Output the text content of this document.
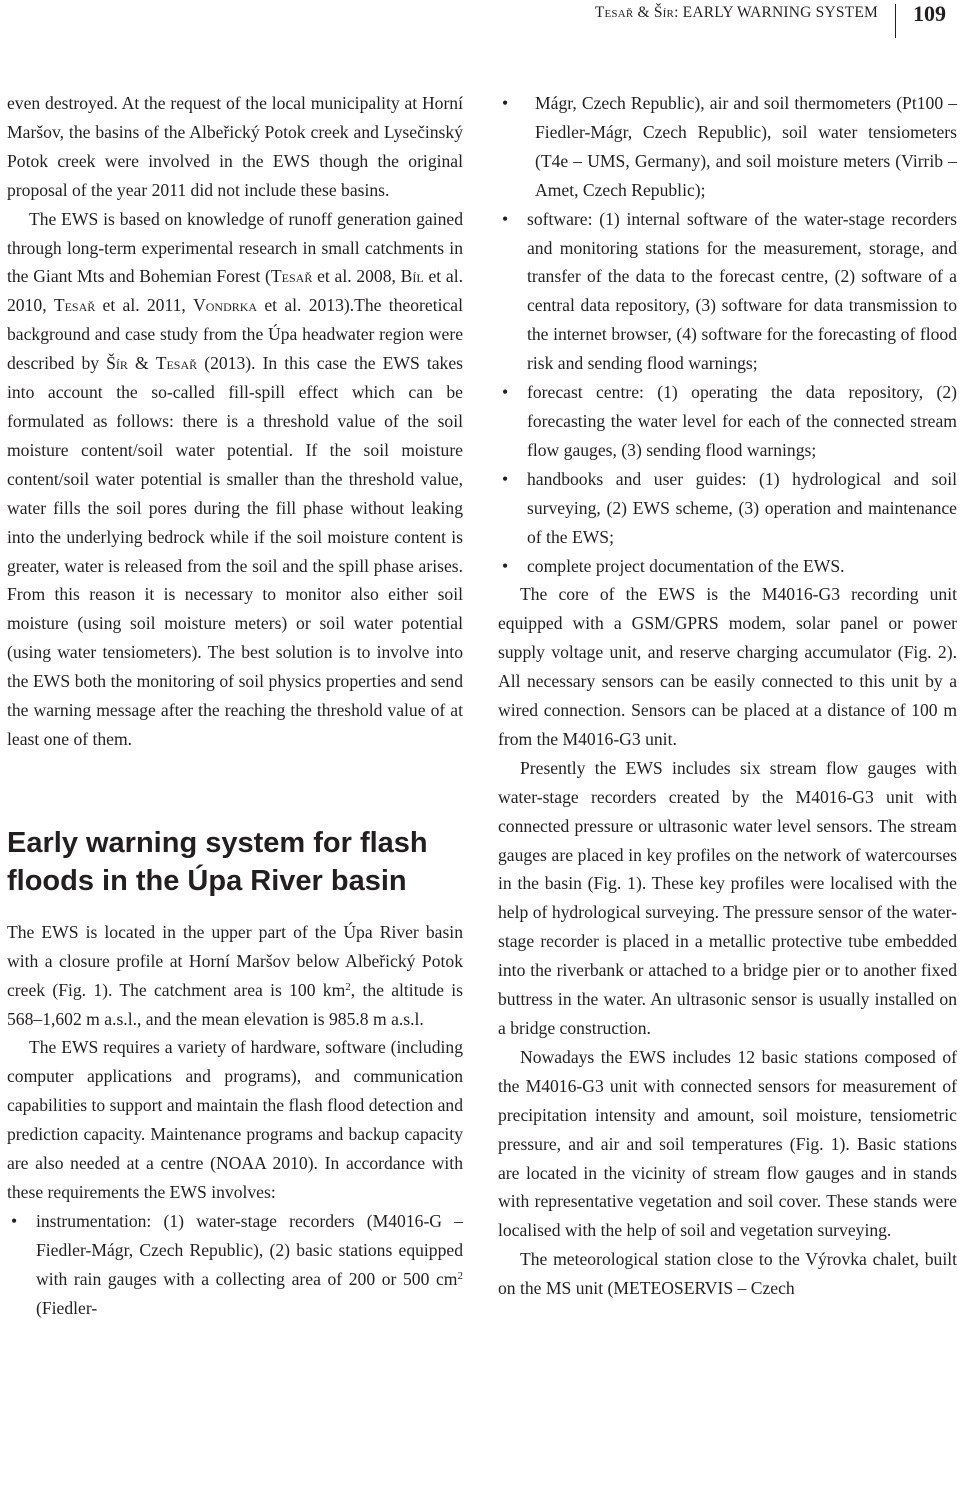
Tesař & Šír: EARLY WARNING SYSTEM 109

even destroyed. At the request of the local municipality at Horní Maršov, the basins of the Albeřický Potok creek and Lysečinský Potok creek were involved in the EWS though the original proposal of the year 2011 did not include these basins.

The EWS is based on knowledge of runoff generation gained through long-term experimental research in small catchments in the Giant Mts and Bohemian Forest (Tesař et al. 2008, Bíl et al. 2010, Tesař et al. 2011, Vondrka et al. 2013).The theoretical background and case study from the Úpa headwater region were described by Šír & Tesař (2013). In this case the EWS takes into account the so-called fill-spill effect which can be formulated as follows: there is a threshold value of the soil moisture content/soil water potential. If the soil moisture content/soil water potential is smaller than the threshold value, water fills the soil pores during the fill phase without leaking into the underlying bedrock while if the soil moisture content is greater, water is released from the soil and the spill phase arises. From this reason it is necessary to monitor also either soil moisture (using soil moisture meters) or soil water potential (using water tensiometers). The best solution is to involve into the EWS both the monitoring of soil physics properties and send the warning message after the reaching the threshold value of at least one of them.

Early warning system for flash floods in the Úpa River basin

The EWS is located in the upper part of the Úpa River basin with a closure profile at Horní Maršov below Albeřický Potok creek (Fig. 1). The catchment area is 100 $km^2$, the altitude is 568–1,602 m a.s.l., and the mean elevation is 985.8 m a.s.l.

The EWS requires a variety of hardware, software (including computer applications and programs), and communication capabilities to support and maintain the flash flood detection and prediction capacity. Maintenance programs and backup capacity are also needed at a centre (NOAA 2010). In accordance with these requirements the EWS involves:

• instrumentation: (1) water-stage recorders (M4016-G – Fiedler-Mágr, Czech Republic), (2) basic stations equipped with rain gauges with a collecting area of 200 or 500 $cm^2$ (Fiedler-
• Mágr, Czech Republic), air and soil thermometers (Pt100 – Fiedler-Mágr, Czech Republic), soil water tensiometers (T4e – UMS, Germany), and soil moisture meters (Virrib – Amet, Czech Republic);
• software: (1) internal software of the water-stage recorders and monitoring stations for the measurement, storage, and transfer of the data to the forecast centre, (2) software of a central data repository, (3) software for data transmission to the internet browser, (4) software for the forecasting of flood risk and sending flood warnings;
• forecast centre: (1) operating the data repository, (2) forecasting the water level for each of the connected stream flow gauges, (3) sending flood warnings;
• handbooks and user guides: (1) hydrological and soil surveying, (2) EWS scheme, (3) operation and maintenance of the EWS;
• complete project documentation of the EWS.

The core of the EWS is the M4016-G3 recording unit equipped with a GSM/GPRS modem, solar panel or power supply voltage unit, and reserve charging accumulator (Fig. 2). All necessary sensors can be easily connected to this unit by a wired connection. Sensors can be placed at a distance of 100 m from the M4016-G3 unit.

Presently the EWS includes six stream flow gauges with water-stage recorders created by the M4016-G3 unit with connected pressure or ultrasonic water level sensors. The stream gauges are placed in key profiles on the network of watercourses in the basin (Fig. 1). These key profiles were localised with the help of hydrological surveying. The pressure sensor of the water-stage recorder is placed in a metallic protective tube embedded into the riverbank or attached to a bridge pier or to another fixed buttress in the water. An ultrasonic sensor is usually installed on a bridge construction.

Nowadays the EWS includes 12 basic stations composed of the M4016-G3 unit with connected sensors for measurement of precipitation intensity and amount, soil moisture, tensiometric pressure, and air and soil temperatures (Fig. 1). Basic stations are located in the vicinity of stream flow gauges and in stands with representative vegetation and soil cover. These stands were localised with the help of soil and vegetation surveying.

The meteorological station close to the Výrovka chalet, built on the MS unit (METEOSERVIS – Czech
